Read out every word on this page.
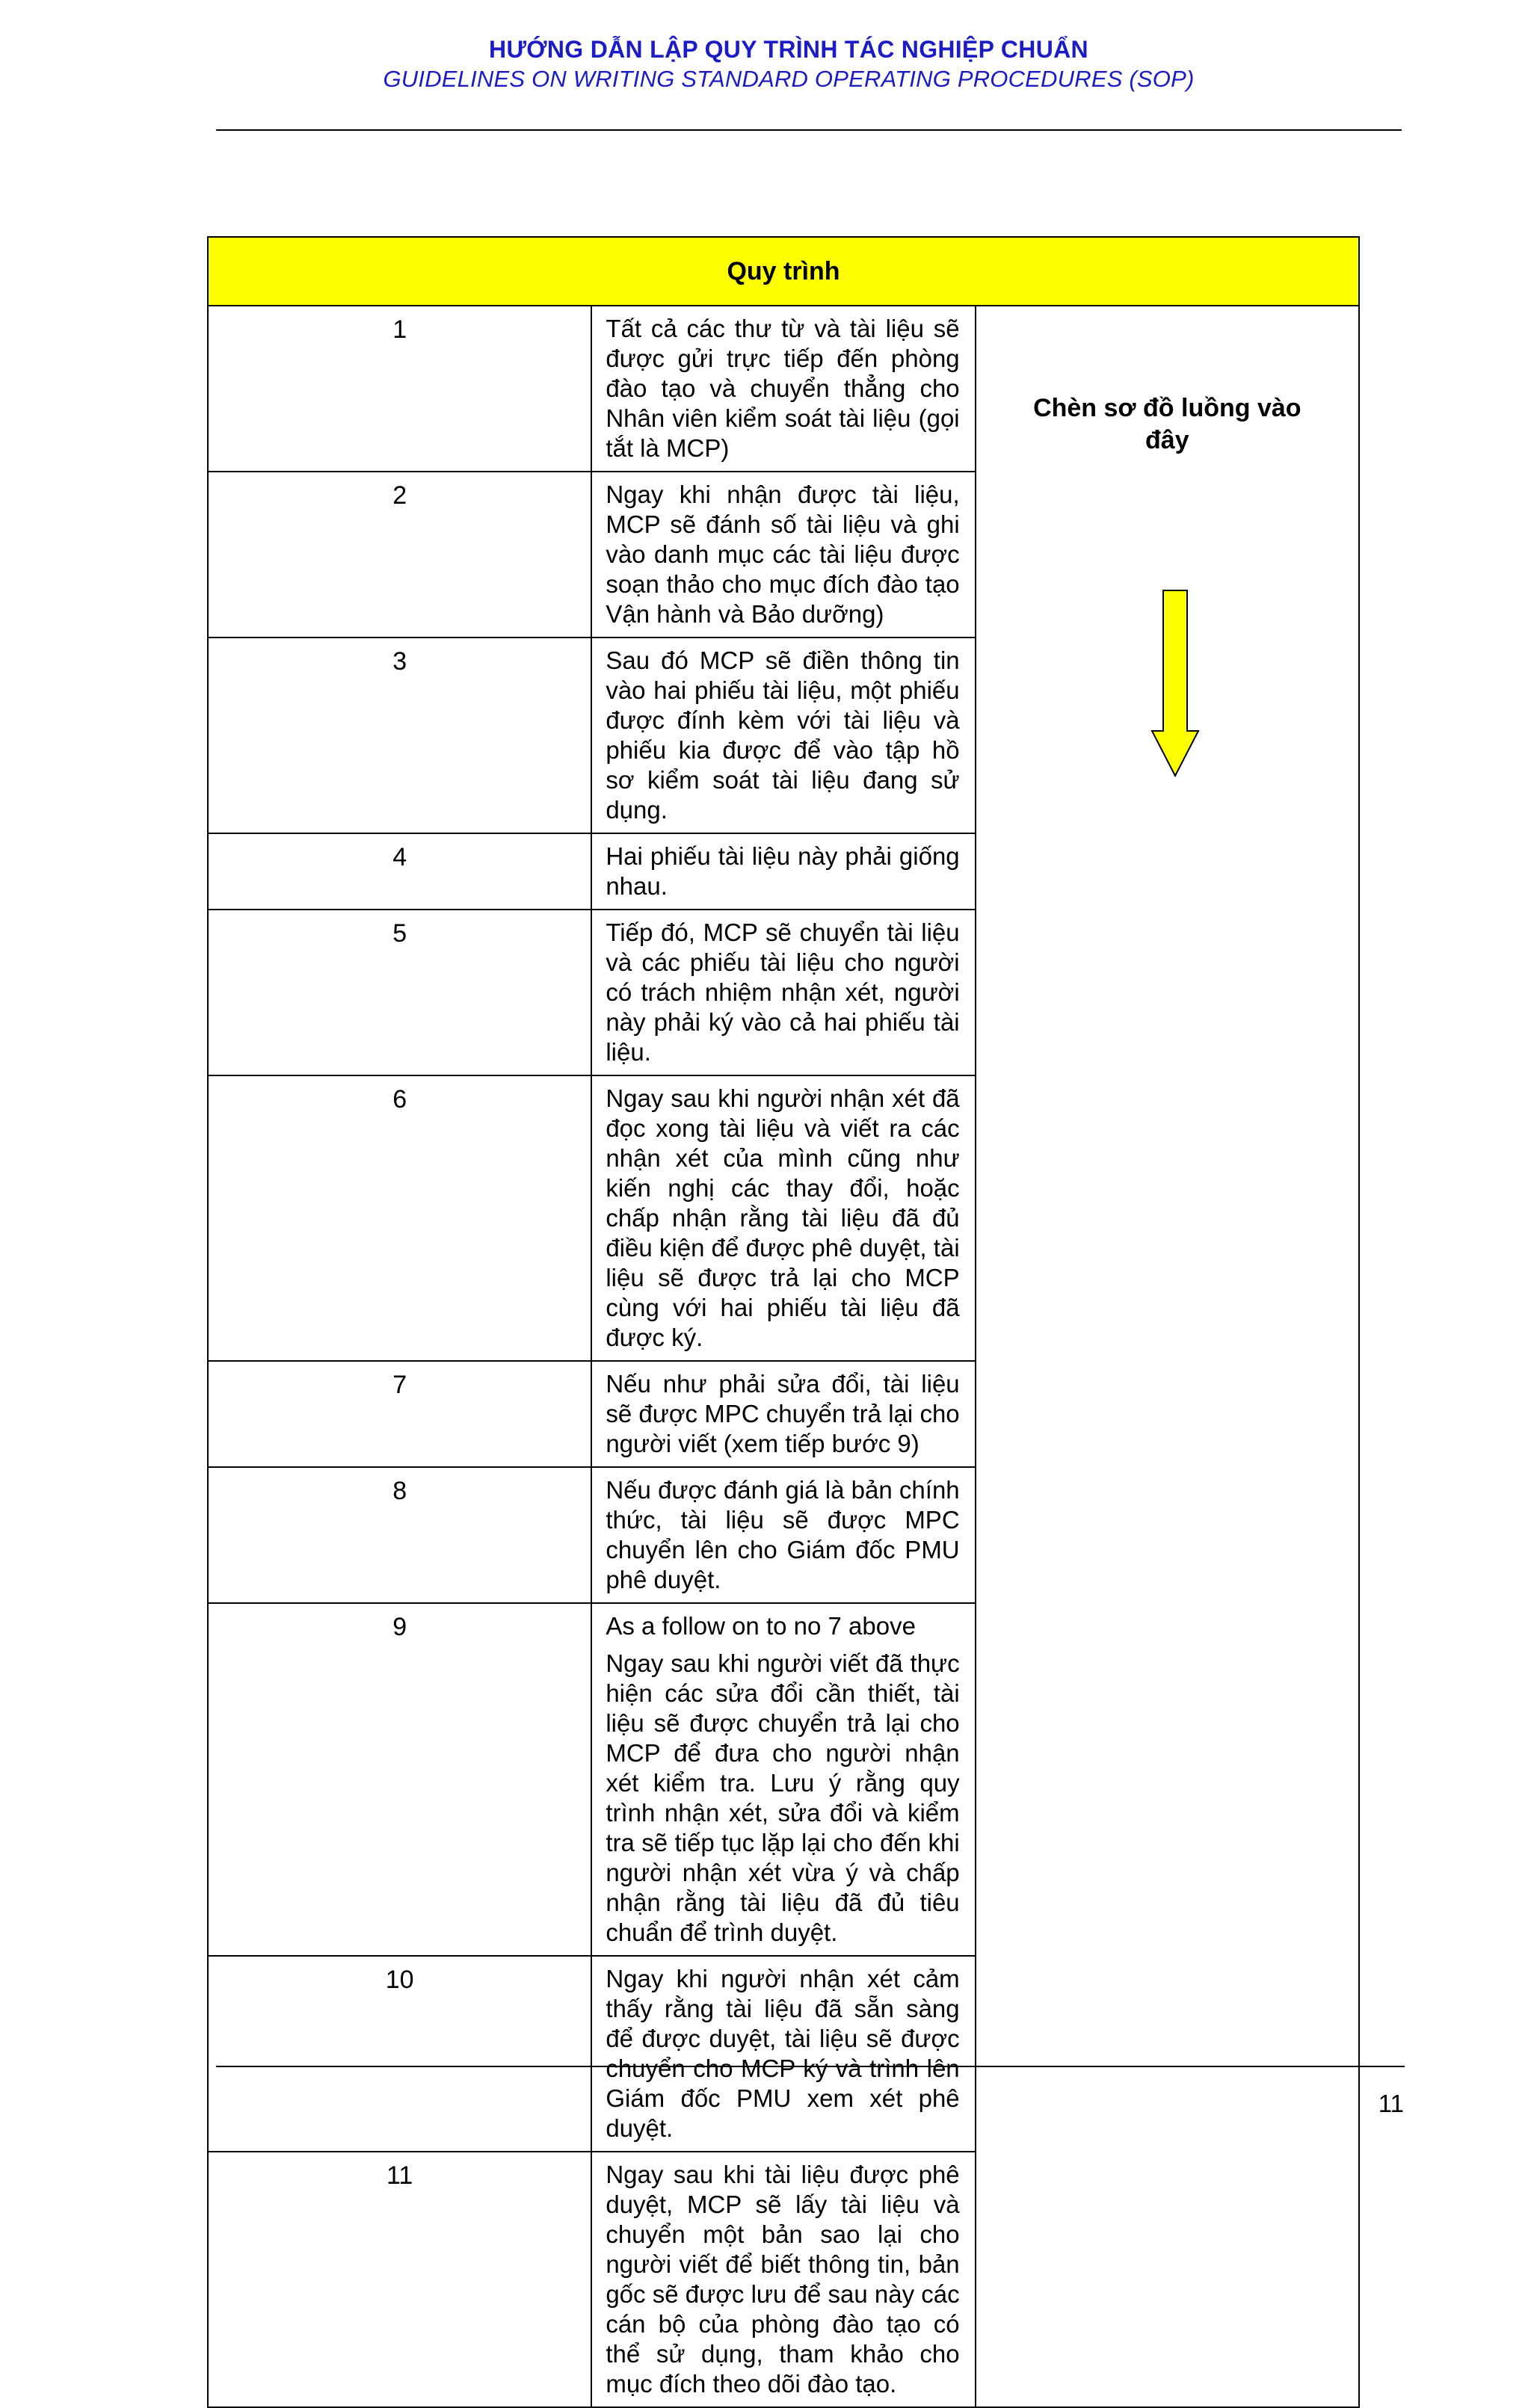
HƯỚNG DẪN LẬP QUY TRÌNH TÁC NGHIỆP CHUẨN
GUIDELINES ON WRITING STANDARD OPERATING PROCEDURES (SOP)
Quy trình		
1	Tất cả các thư từ và tài liệu sẽ được gửi trực tiếp đến phòng đào tạo và chuyển thẳng cho Nhân viên kiểm soát tài liệu (gọi tắt là MCP)	Chèn sơ đồ luồng vào đây

2	Ngay khi nhận được tài liệu, MCP sẽ đánh số tài liệu và ghi vào danh mục các tài liệu được soạn thảo cho mục đích đào tạo Vận hành và Bảo dưỡng)	

3	Sau đó MCP sẽ điền thông tin vào hai phiếu tài liệu, một phiếu được đính kèm với tài liệu và phiếu kia được để vào tập hồ sơ kiểm soát tài liệu đang sử dụng.	

4	Hai phiếu tài liệu này phải giống nhau.	

5	Tiếp đó, MCP sẽ chuyển tài liệu và các phiếu tài liệu cho người có trách nhiệm nhận xét, người này phải ký vào cả hai phiếu tài liệu.	

6	Ngay sau khi người nhận xét đã đọc xong tài liệu và viết ra các nhận xét của mình cũng như kiến nghị các thay đổi, hoặc chấp nhận rằng tài liệu đã đủ điều kiện để được phê duyệt, tài liệu sẽ được trả lại cho MCP cùng với hai phiếu tài liệu đã được ký.	

7	Nếu như phải sửa đổi, tài liệu sẽ được MPC chuyển trả lại cho người viết (xem tiếp bước 9)	

8	Nếu được đánh giá là bản chính thức, tài liệu sẽ được MPC chuyển lên cho Giám đốc PMU phê duyệt.	

9	As a follow on to no 7 above

Ngay sau khi người viết đã thực hiện các sửa đổi cần thiết, tài liệu sẽ được chuyển trả lại cho MCP để đưa cho người nhận xét kiểm tra. Lưu ý rằng quy trình nhận xét, sửa đổi và kiểm tra sẽ tiếp tục lặp lại cho đến khi người nhận xét vừa ý và chấp nhận rằng tài liệu đã đủ tiêu chuẩn để trình duyệt.	

10	Ngay khi người nhận xét cảm thấy rằng tài liệu đã sẵn sàng để được duyệt, tài liệu sẽ được chuyển cho MCP ký và trình lên Giám đốc PMU xem xét phê duyệt.	

11	Ngay sau khi tài liệu được phê duyệt, MCP sẽ lấy tài liệu và chuyển một bản sao lại cho người viết để biết thông tin, bản gốc sẽ được lưu để sau này các cán bộ của phòng đào tạo có thể sử dụng, tham khảo cho mục đích theo dõi đào tạo.	

11
